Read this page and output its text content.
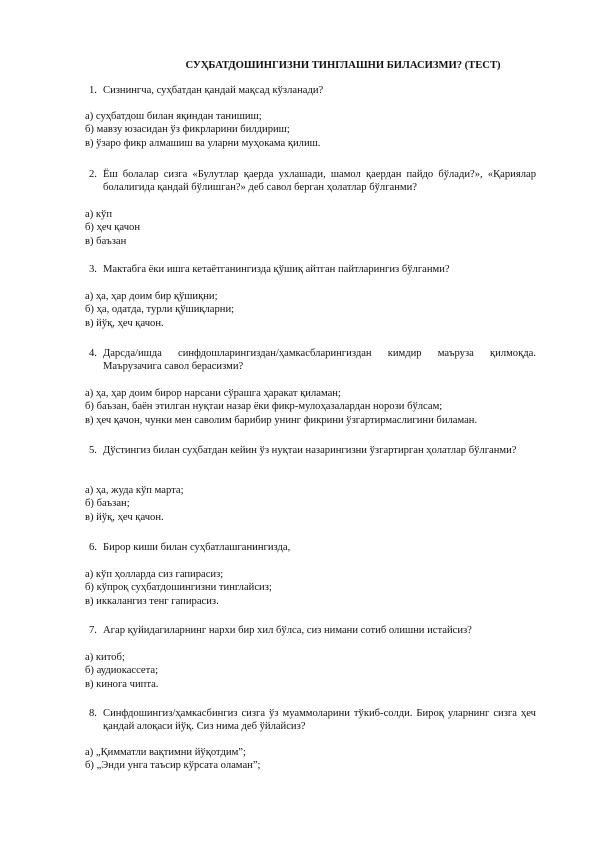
СУҲБАТДОШИНГИЗНИ ТИНГЛАШНИ БИЛАСИЗМИ? (ТЕСТ)
1. Сизнингча, суҳбатдан қандай мақсад кўзланади?
а) суҳбатдош билан яқиндан танишиш;
б) мавзу юзасидан ўз фикрларини билдириш;
в) ўзаро фикр алмашиш ва уларни муҳокама қилиш.
2. Ёш болалар сизга «Булутлар қаерда ухлашади, шамол қаердан пайдо бўлади?», «Қариялар болалигида қандай бўлишган?» деб савол берган ҳолатлар бўлганми?
а) кўп
б) ҳеч қачон
в) баъзан
3. Мактабга ёки ишга кетаётганингизда қўшиқ айтган пайтларингиз бўлганми?
а) ҳа, ҳар доим бир қўшиқни;
б) ҳа, одатда, турли қўшиқларни;
в) йўқ, ҳеч қачон.
4. Дарсда/ишда синфдошларингиздан/ҳамкасбларингиздан кимдир маъруза қилмоқда. Маърузачига савол берасизми?
а) ҳа, ҳар доим бирор нарсани сўрашга ҳаракат қиламан;
б) баъзан, баён этилган нуқтаи назар ёки фикр-мулоҳазалардан норози бўлсам;
в) ҳеч қачон, чунки мен саволим барибир унинг фикрини ўзгартирмаслигини биламан.
5. Дўстингиз билан суҳбатдан кейин ўз нуқтаи назарингизни ўзгартирган ҳолатлар бўлганми?
а) ҳа, жуда кўп марта;
б) баъзан;
в) йўқ, ҳеч қачон.
6. Бирор киши билан суҳбатлашганингизда,
а) кўп ҳолларда сиз гапирасиз;
б) кўпроқ суҳбатдошингизни тинглайсиз;
в) иккалангиз тенг гапирасиз.
7. Агар қуйидагиларнинг нархи бир хил бўлса, сиз нимани сотиб олишни истайсиз?
а) китоб;
б) аудиокассета;
в) кинога чипта.
8. Синфдошингиз/ҳамкасбингиз сизга ўз муаммоларини тўкиб-солди. Бироқ уларнинг сизга ҳеч қандай алоқаси йўқ. Сиз нима деб ўйлайсиз?
а) „Қимматли вақтимни йўқотдим”;
б) „Энди унга таъсир кўрсата оламан”;
